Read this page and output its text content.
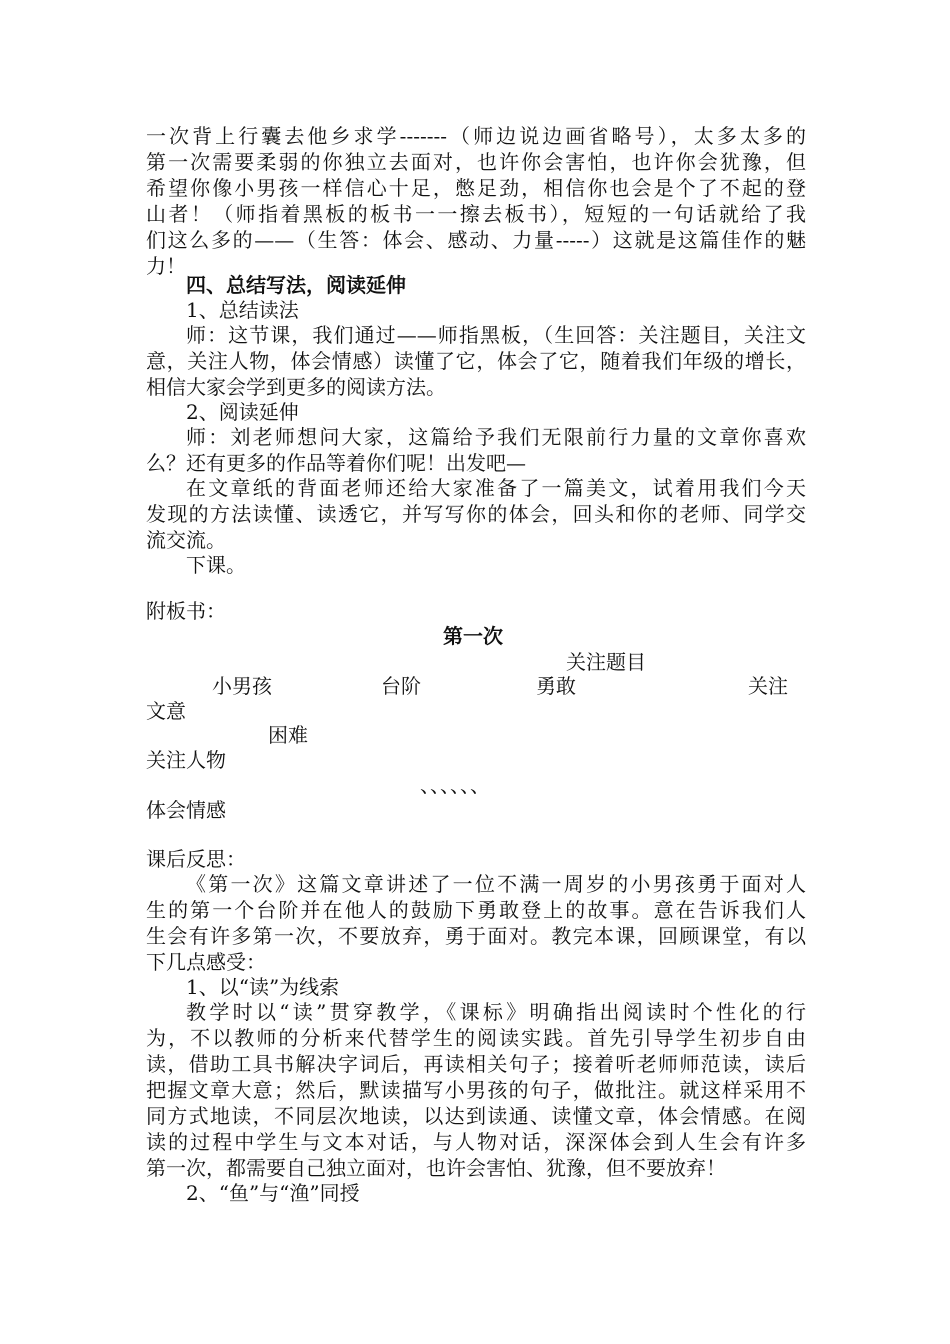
一次背上行囊去他乡求学-------（师边说边画省略号），太多太多的
第一次需要柔弱的你独立去面对，也许你会害怕，也许你会犹豫，但
希望你像小男孩一样信心十足，憋足劲，相信你也会是个了不起的登
山者！（师指着黑板的板书一一擦去板书），短短的一句话就给了我
们这么多的——（生答：体会、感动、力量-----）这就是这篇佳作的魅
力！
四、总结写法，阅读延伸
1、总结读法
师：这节课，我们通过——师指黑板，（生回答：关注题目，关注文
意，关注人物，体会情感）读懂了它，体会了它，随着我们年级的增长，
相信大家会学到更多的阅读方法。
2、阅读延伸
师：刘老师想问大家，这篇给予我们无限前行力量的文章你喜欢
么？还有更多的作品等着你们呢！出发吧—
在文章纸的背面老师还给大家准备了一篇美文，试着用我们今天
发现的方法读懂、读透它，并写写你的体会，回头和你的老师、同学交
流交流。
下课。
附板书：
第一次
关注题目
小男孩	台阶	勇敢	关注
文意
困难
关注人物
、、、、、、
体会情感
课后反思：
《第一次》这篇文章讲述了一位不满一周岁的小男孩勇于面对人
生的第一个台阶并在他人的鼓励下勇敢登上的故事。意在告诉我们人
生会有许多第一次，不要放弃，勇于面对。教完本课，回顾课堂，有以
下几点感受：
1、以“读”为线索
教学时以“读”贯穿教学，《课标》明确指出阅读时个性化的行
为，不以教师的分析来代替学生的阅读实践。首先引导学生初步自由
读，借助工具书解决字词后，再读相关句子；接着听老师师范读，读后
把握文章大意；然后，默读描写小男孩的句子，做批注。就这样采用不
同方式地读，不同层次地读，以达到读通、读懂文章，体会情感。在阅
读的过程中学生与文本对话，与人物对话，深深体会到人生会有许多
第一次，都需要自己独立面对，也许会害怕、犹豫，但不要放弃！
2、“鱼”与“渔”同授
